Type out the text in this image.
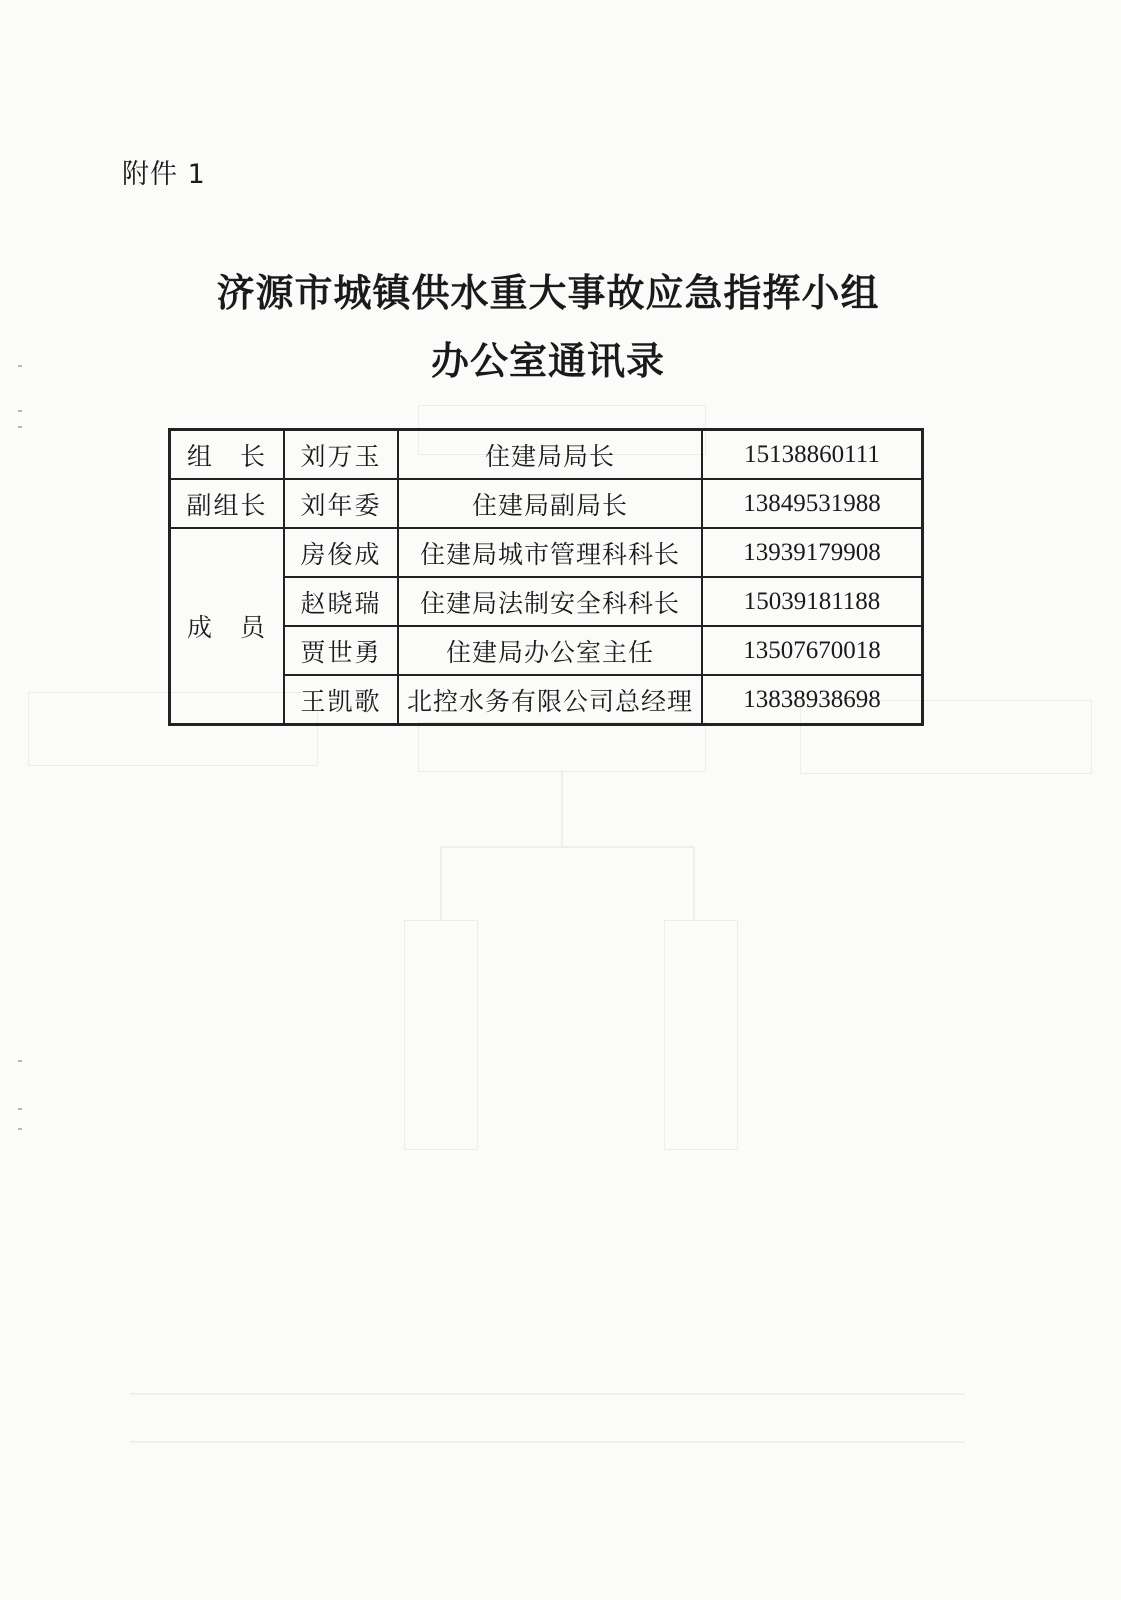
附件 1
济源市城镇供水重大事故应急指挥小组
办公室通讯录
组 长	刘万玉	住建局局长	15138860111
副组长	刘年委	住建局副局长	13849531988

成 员	房俊成	住建局城市管理科科长	13939179908
	赵晓瑞	住建局法制安全科科长	15039181188
	贾世勇	住建局办公室主任	13507670018
	王凯歌	北控水务有限公司总经理	13838938698
